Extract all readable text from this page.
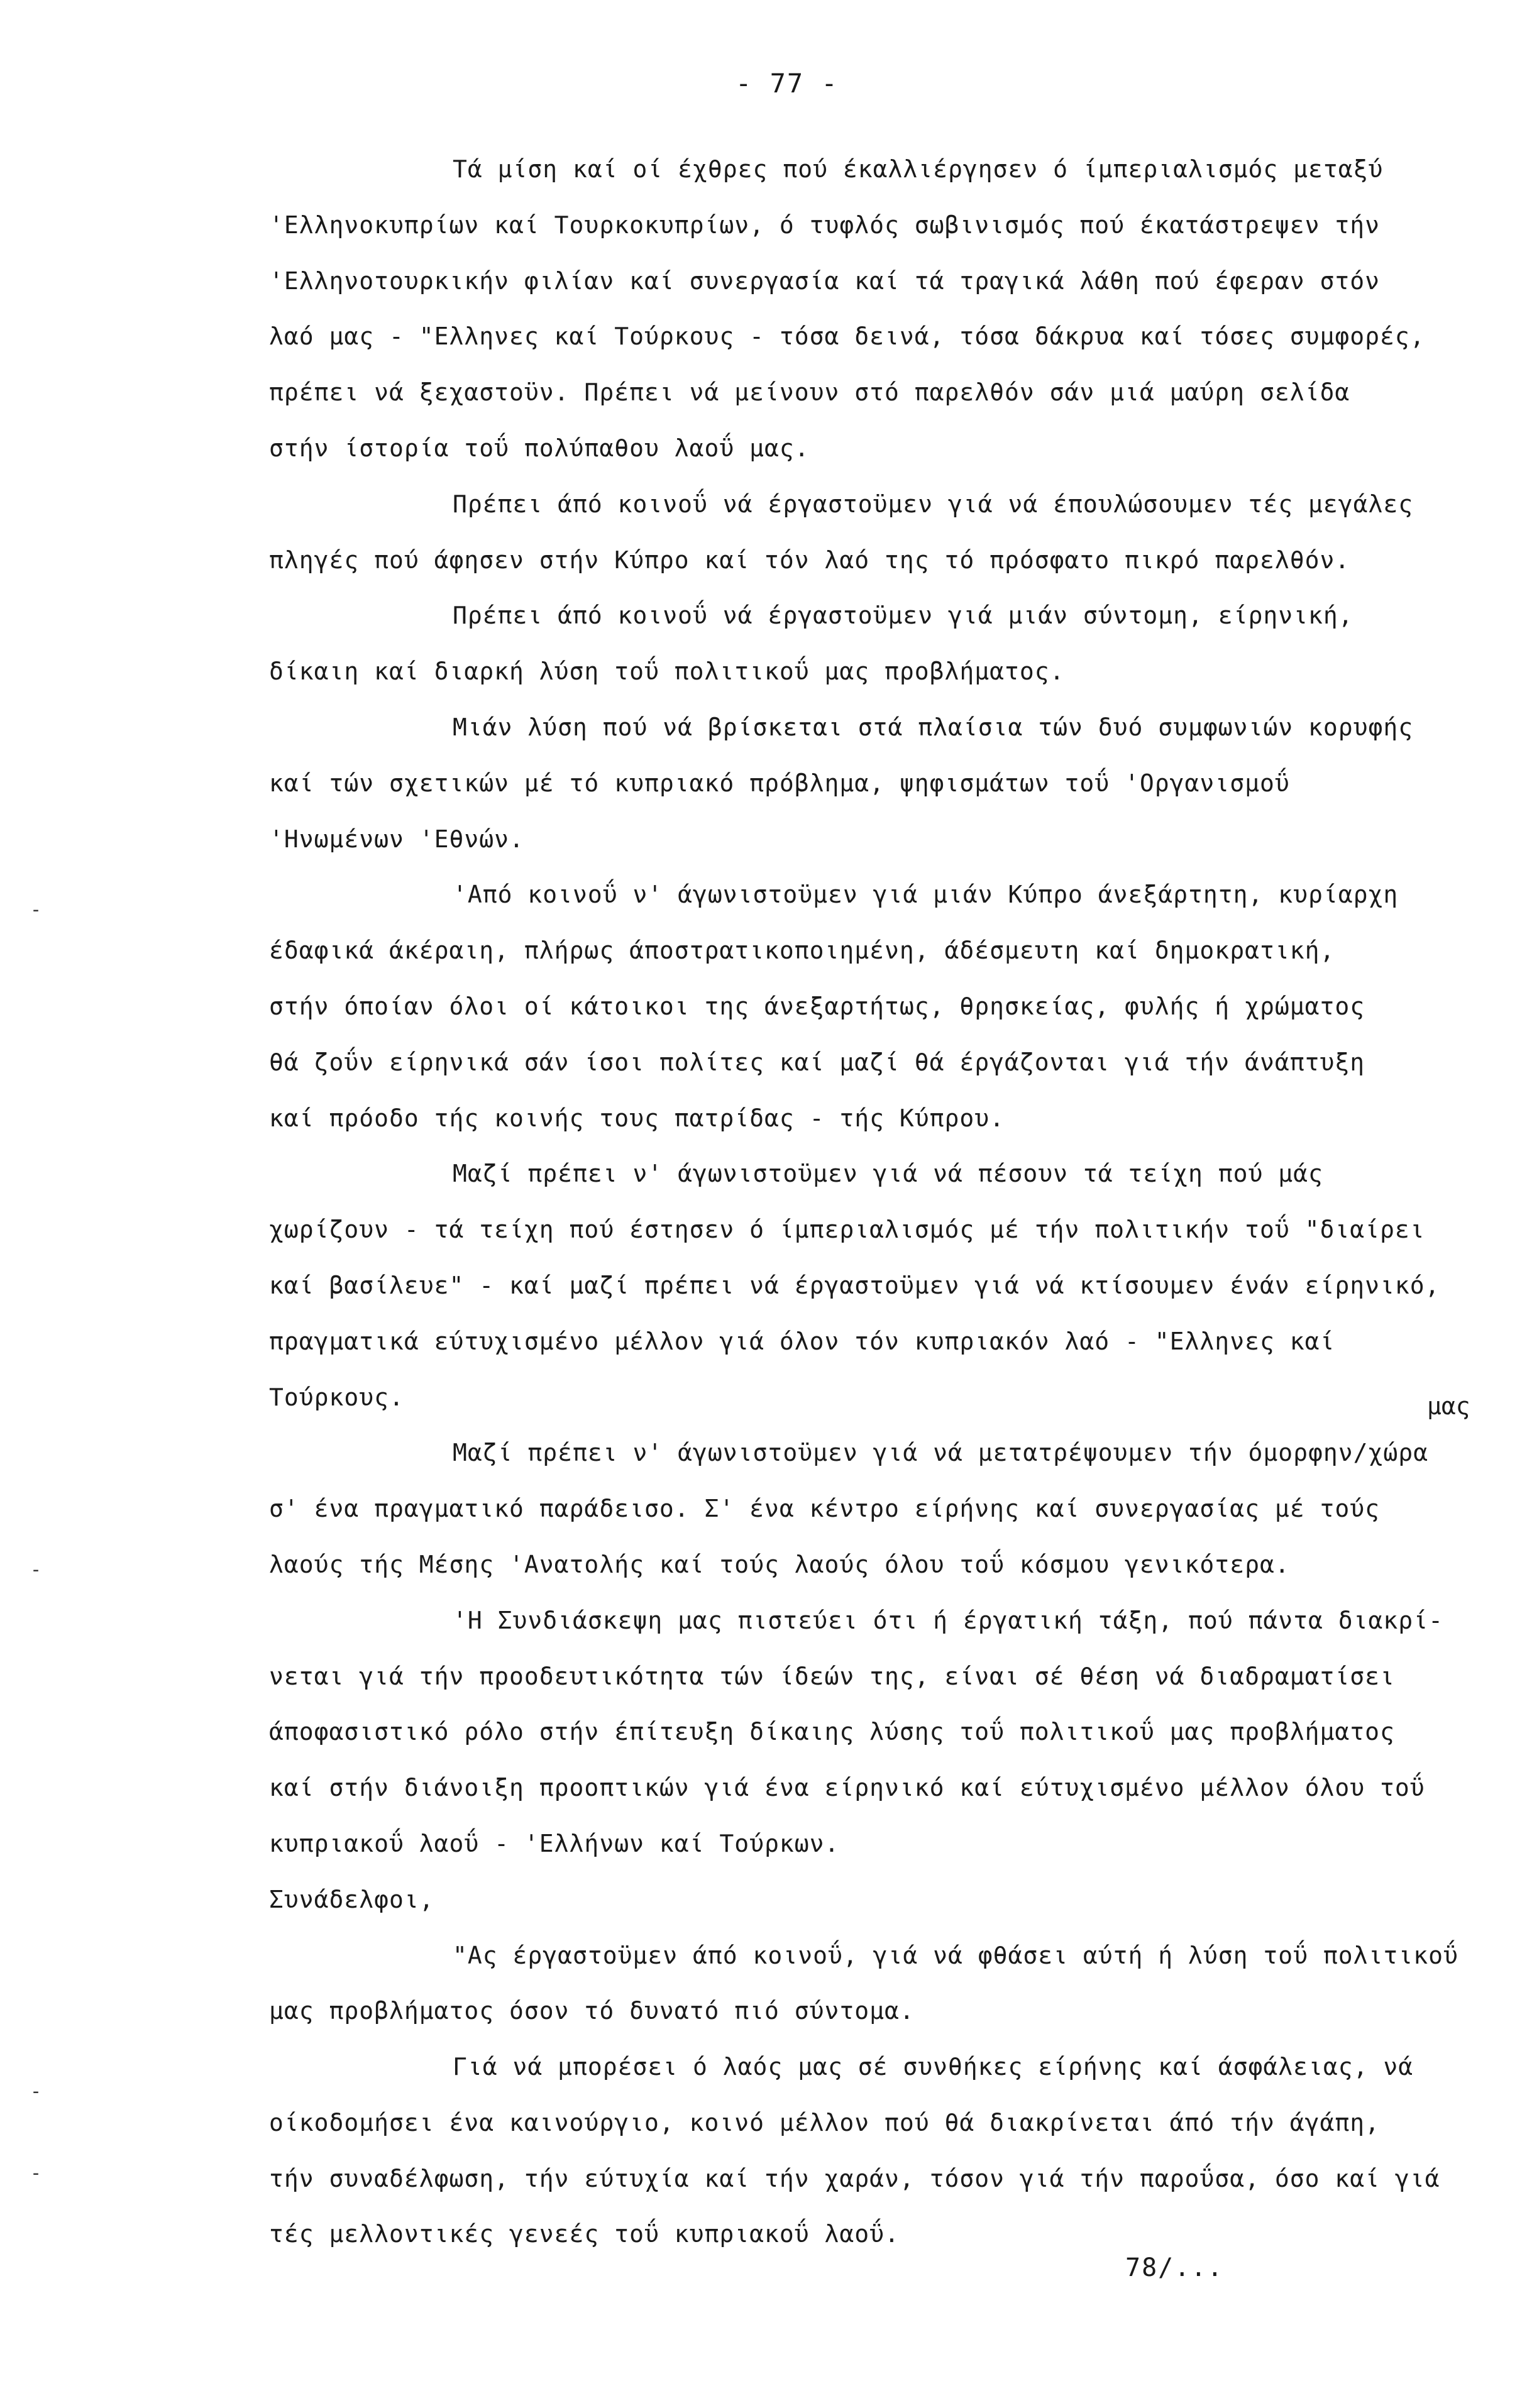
- 77 -
Τά μίση καί οί έχθρες πού έκαλλιέργησεν ό ίμπεριαλισμός μεταξύ
'Ελληνοκυπρίων καί Τουρκοκυπρίων, ό τυφλός σωβινισμός πού έκατάστρεψεν τήν
'Ελληνοτουρκικήν φιλίαν καί συνεργασία καί τά τραγικά λάθη πού έφεραν στόν
λαό μας - "Ελληνες καί Τούρκους - τόσα δεινά, τόσα δάκρυα καί τόσες συμφορές,
πρέπει νά ξεχαστοϋν. Πρέπει νά μείνουν στό παρελθόν σάν μιά μαύρη σελίδα
στήν ίστορία τοΰ πολύπαθου λαοΰ μας.
Πρέπει άπό κοινοΰ νά έργαστοϋμεν γιά νά έπουλώσουμεν τές μεγάλες
πληγές πού άφησεν στήν Κύπρο καί τόν λαό της τό πρόσφατο πικρό παρελθόν.
Πρέπει άπό κοινοΰ νά έργαστοϋμεν γιά μιάν σύντομη, είρηνική,
δίκαιη καί διαρκή λύση τοΰ πολιτικοΰ μας προβλήματος.
Μιάν λύση πού νά βρίσκεται στά πλαίσια τών δυό συμφωνιών κορυφής
καί τών σχετικών μέ τό κυπριακό πρόβλημα, ψηφισμάτων τοΰ 'Οργανισμοΰ
'Ηνωμένων 'Εθνών.
'Από κοινοΰ ν' άγωνιστοϋμεν γιά μιάν Κύπρο άνεξάρτητη, κυρίαρχη
έδαφικά άκέραιη, πλήρως άποστρατικοποιημένη, άδέσμευτη καί δημοκρατική,
στήν όποίαν όλοι οί κάτοικοι της άνεξαρτήτως, θρησκείας, φυλής ή χρώματος
θά ζοΰν είρηνικά σάν ίσοι πολίτες καί μαζί θά έργάζονται γιά τήν άνάπτυξη
καί πρόοδο τής κοινής τους πατρίδας - τής Κύπρου.
Μαζί πρέπει ν' άγωνιστοϋμεν γιά νά πέσουν τά τείχη πού μάς
χωρίζουν - τά τείχη πού έστησεν ό ίμπεριαλισμός μέ τήν πολιτικήν τοΰ "διαίρει
καί βασίλευε" - καί μαζί πρέπει νά έργαστοϋμεν γιά νά κτίσουμεν ένάν είρηνικό,
πραγματικά εύτυχισμένο μέλλον γιά όλον τόν κυπριακόν λαό - "Ελληνες καί
Τούρκους.
Μαζί πρέπει ν' άγωνιστοϋμεν γιά νά μετατρέψουμεν τήν όμορφην/χώρα
σ' ένα πραγματικό παράδεισο. Σ' ένα κέντρο είρήνης καί συνεργασίας μέ τούς
λαούς τής Μέσης 'Ανατολής καί τούς λαούς όλου τοΰ κόσμου γενικότερα.
'Η Συνδιάσκεψη μας πιστεύει ότι ή έργατική τάξη, πού πάντα διακρί-
νεται γιά τήν προοδευτικότητα τών ίδεών της, είναι σέ θέση νά διαδραματίσει
άποφασιστικό ρόλο στήν έπίτευξη δίκαιης λύσης τοΰ πολιτικοΰ μας προβλήματος
καί στήν διάνοιξη προοπτικών γιά ένα είρηνικό καί εύτυχισμένο μέλλον όλου τοΰ
κυπριακοΰ λαοΰ - 'Ελλήνων καί Τούρκων.
Συνάδελφοι,
"Ας έργαστοϋμεν άπό κοινοΰ, γιά νά φθάσει αύτή ή λύση τοΰ πολιτικοΰ
μας προβλήματος όσον τό δυνατό πιό σύντομα.
Γιά νά μπορέσει ό λαός μας σέ συνθήκες είρήνης καί άσφάλειας, νά
οίκοδομήσει ένα καινούργιο, κοινό μέλλον πού θά διακρίνεται άπό τήν άγάπη,
τήν συναδέλφωση, τήν εύτυχία καί τήν χαράν, τόσον γιά τήν παροΰσα, όσο καί γιά
τές μελλοντικές γενεές τοΰ κυπριακοΰ λαοΰ.
μας
78/...
-
-
-
-
